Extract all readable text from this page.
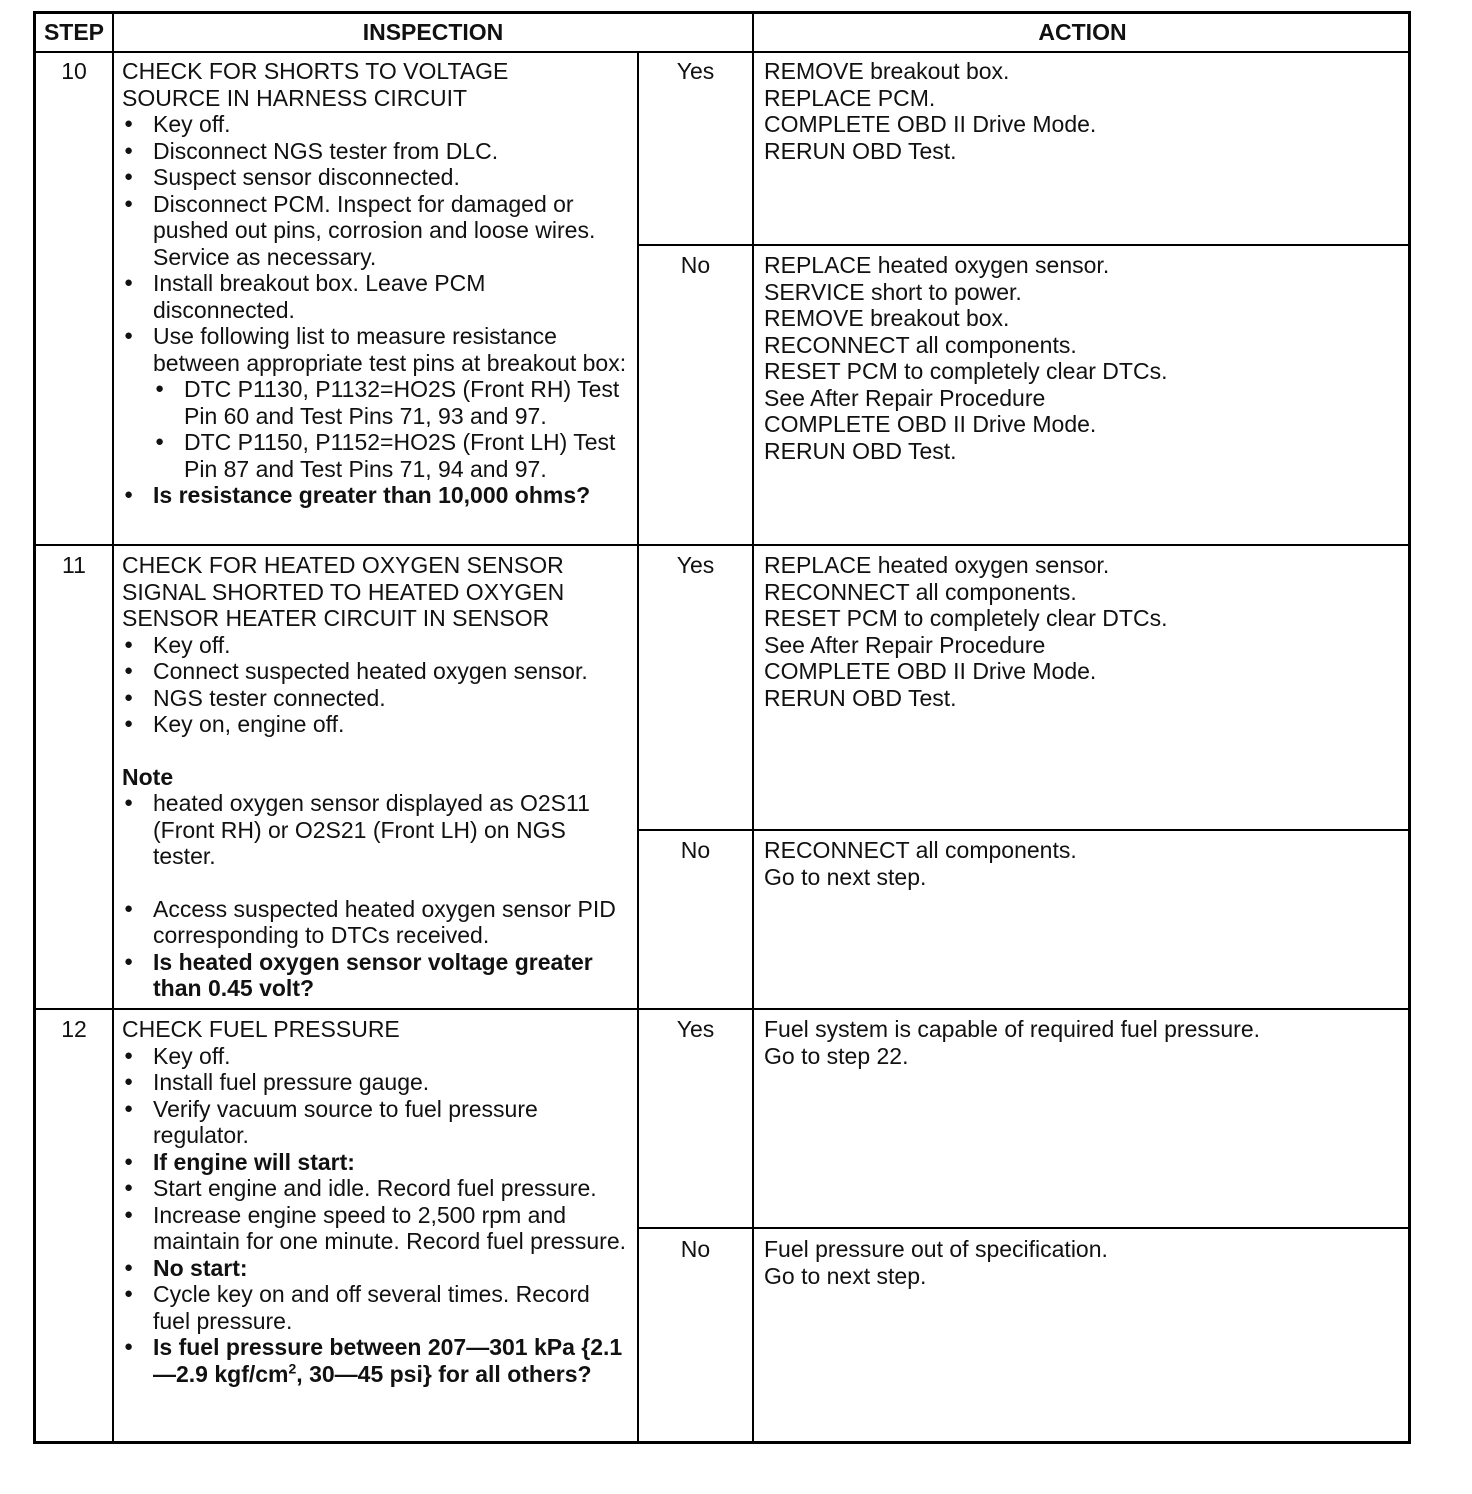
STEP	INSPECTION	ACTION
10	CHECK FOR SHORTS TO VOLTAGE
SOURCE IN HARNESS CIRCUIT
● Key off.
● Disconnect NGS tester from DLC.
● Suspect sensor disconnected.
● Disconnect PCM. Inspect for damaged or pushed out pins, corrosion and loose wires. Service as necessary.
● Install breakout box. Leave PCM disconnected.
● Use following list to measure resistance between appropriate test pins at breakout box:
● DTC P1130, P1132=HO2S (Front RH) Test Pin 60 and Test Pins 71, 93 and 97.
● DTC P1150, P1152=HO2S (Front LH) Test Pin 87 and Test Pins 71, 94 and 97.
● Is resistance greater than 10,000 ohms?
Yes	REMOVE breakout box.
REPLACE PCM.
COMPLETE OBD II Drive Mode.
RERUN OBD Test.
No	REPLACE heated oxygen sensor.
SERVICE short to power.
REMOVE breakout box.
RECONNECT all components.
RESET PCM to completely clear DTCs.
See After Repair Procedure
COMPLETE OBD II Drive Mode.
RERUN OBD Test.
11	CHECK FOR HEATED OXYGEN SENSOR
SIGNAL SHORTED TO HEATED OXYGEN
SENSOR HEATER CIRCUIT IN SENSOR
● Key off.
● Connect suspected heated oxygen sensor.
● NGS tester connected.
● Key on, engine off.
Note
● heated oxygen sensor displayed as O2S11 (Front RH) or O2S21 (Front LH) on NGS tester.
● Access suspected heated oxygen sensor PID corresponding to DTCs received.
● Is heated oxygen sensor voltage greater than 0.45 volt?
Yes	REPLACE heated oxygen sensor.
RECONNECT all components.
RESET PCM to completely clear DTCs.
See After Repair Procedure
COMPLETE OBD II Drive Mode.
RERUN OBD Test.
No	RECONNECT all components.
Go to next step.
12	CHECK FUEL PRESSURE
● Key off.
● Install fuel pressure gauge.
● Verify vacuum source to fuel pressure regulator.
● If engine will start:
● Start engine and idle. Record fuel pressure.
● Increase engine speed to 2,500 rpm and maintain for one minute. Record fuel pressure.
● No start:
● Cycle key on and off several times. Record fuel pressure.
● Is fuel pressure between 207—301 kPa {2.1—2.9 kgf/$cm^2$, 30—45 psi} for all others?
Yes	Fuel system is capable of required fuel pressure.
Go to step 22.
No	Fuel pressure out of specification.
Go to next step.
